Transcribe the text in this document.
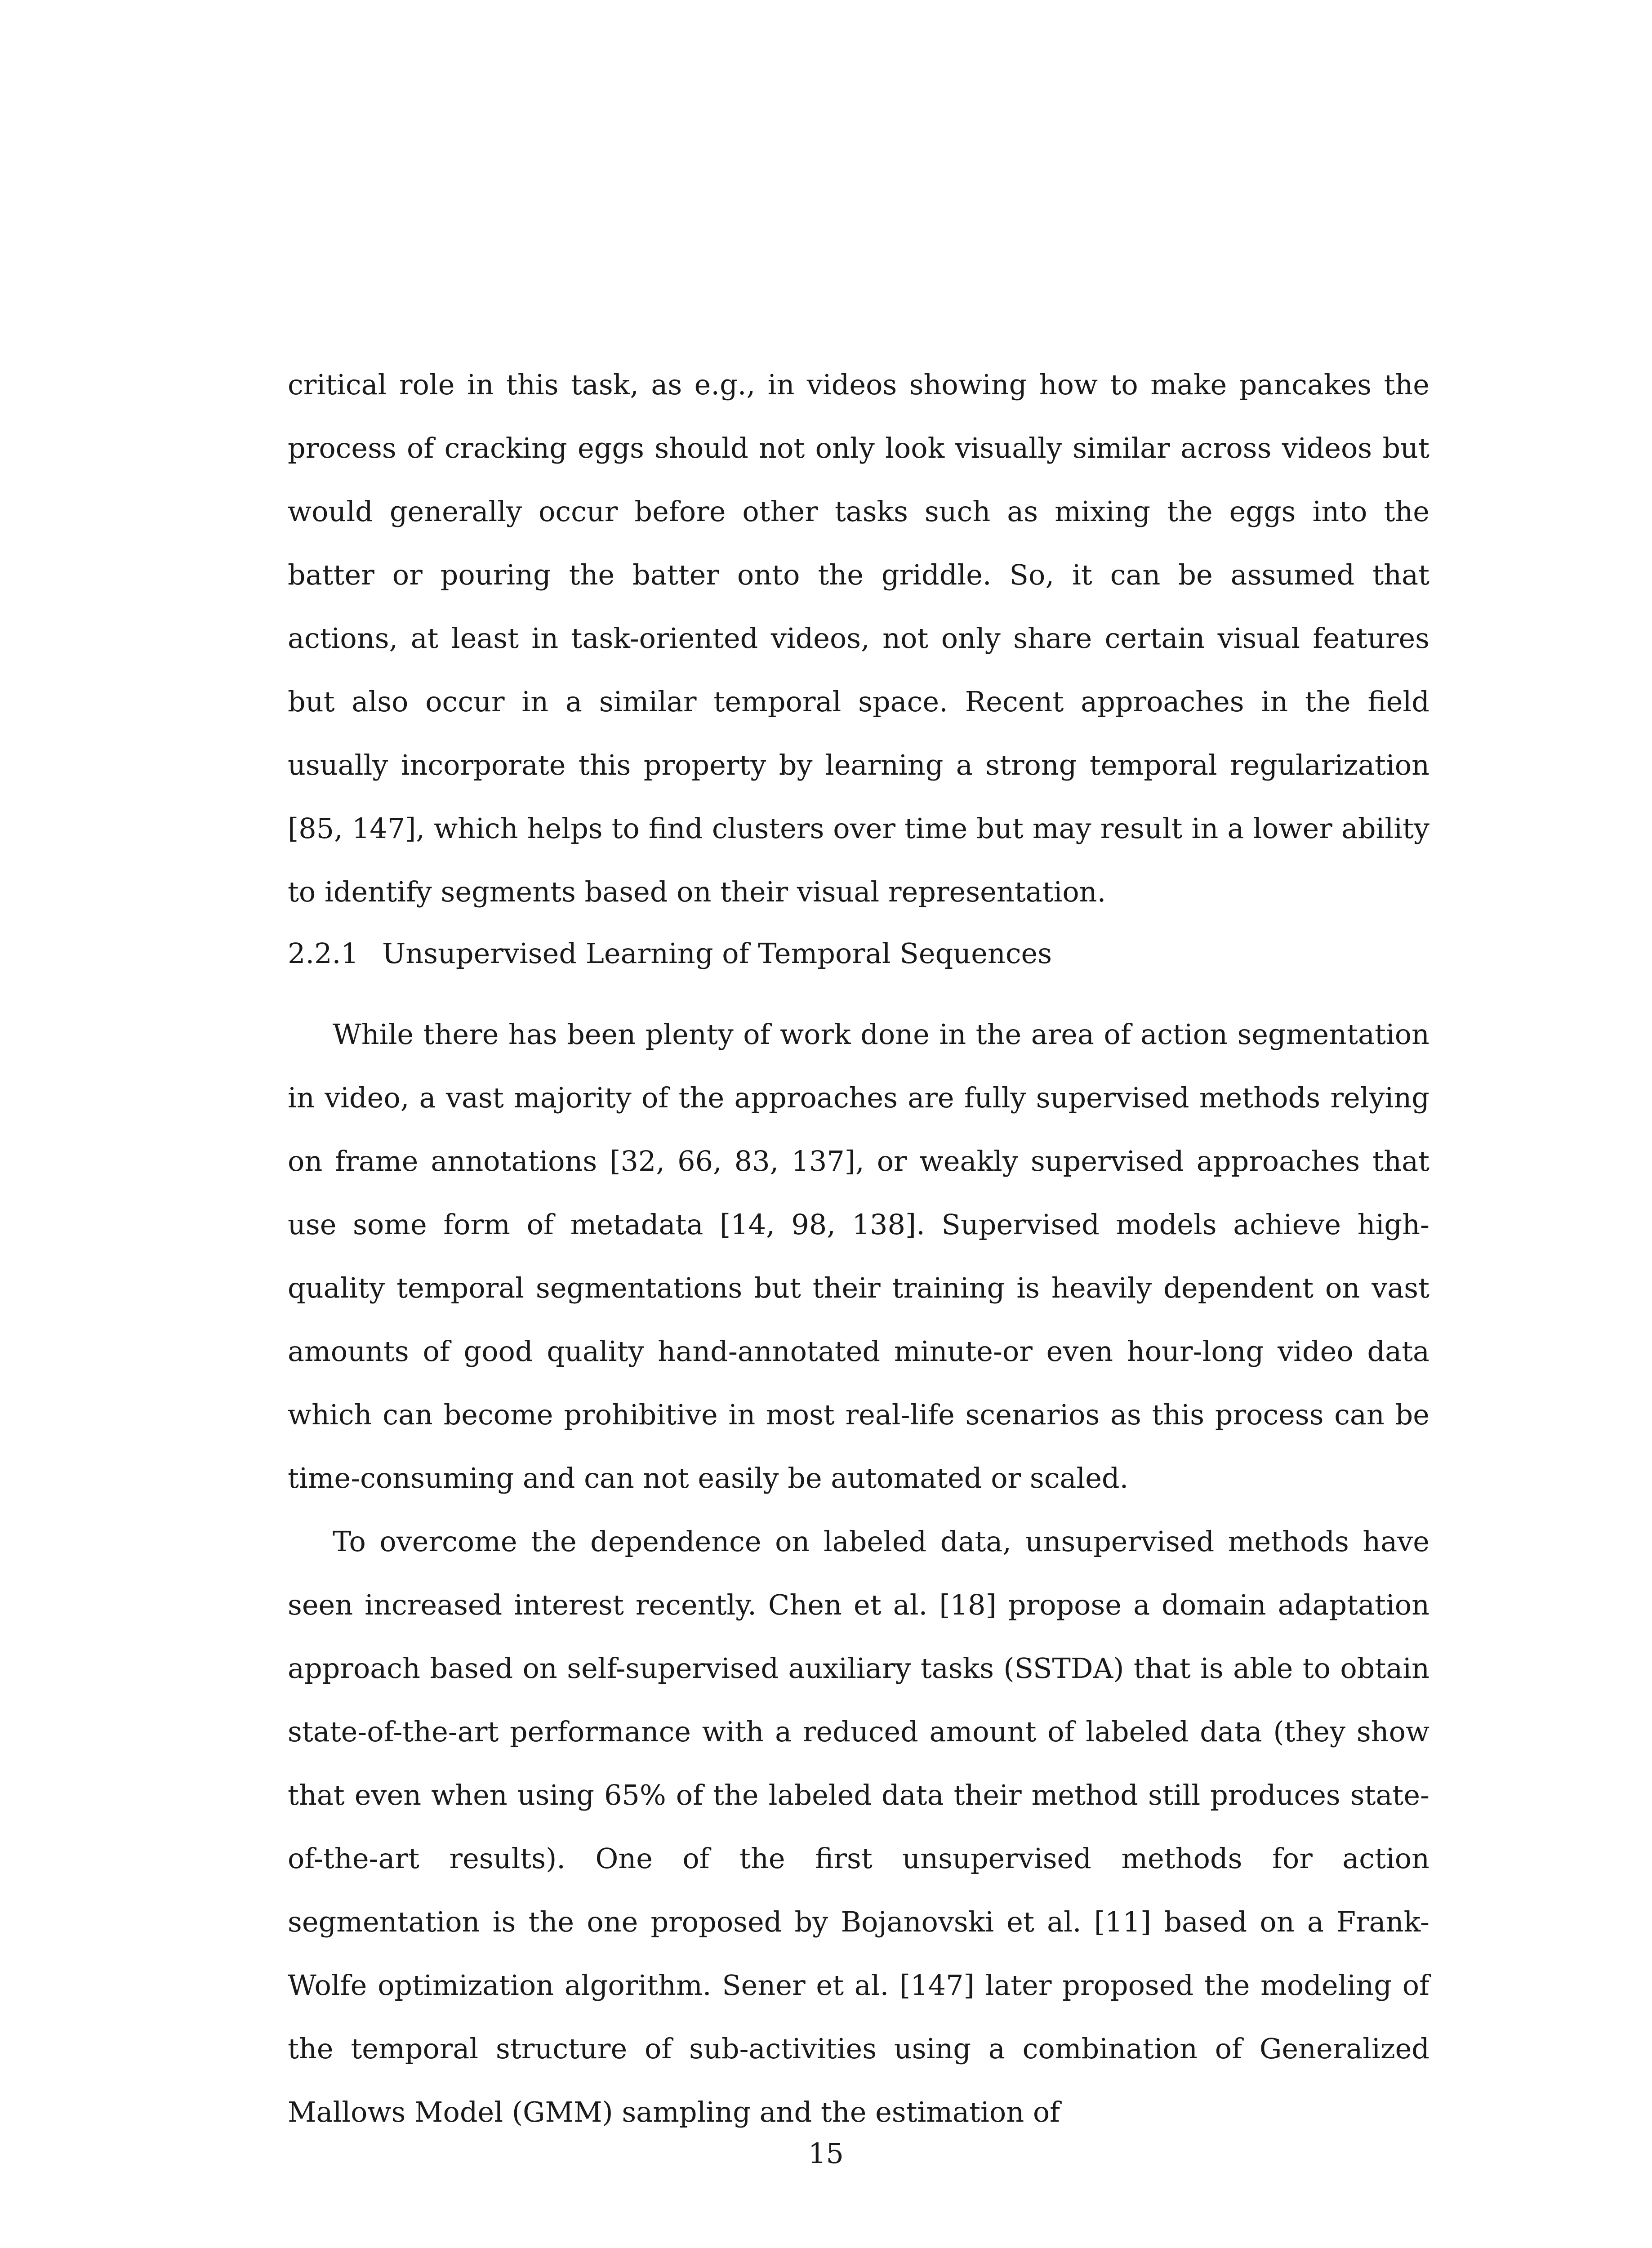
critical role in this task, as e.g., in videos showing how to make pancakes the process of cracking eggs should not only look visually similar across videos but would generally occur before other tasks such as mixing the eggs into the batter or pouring the batter onto the griddle. So, it can be assumed that actions, at least in task-oriented videos, not only share certain visual features but also occur in a similar temporal space. Recent approaches in the field usually incorporate this property by learning a strong temporal regularization [85, 147], which helps to find clusters over time but may result in a lower ability to identify segments based on their visual representation.

2.2.1 Unsupervised Learning of Temporal Sequences

While there has been plenty of work done in the area of action segmentation in video, a vast majority of the approaches are fully supervised methods relying on frame annotations [32, 66, 83, 137], or weakly supervised approaches that use some form of metadata [14, 98, 138]. Supervised models achieve high-quality temporal segmentations but their training is heavily dependent on vast amounts of good quality hand-annotated minute-or even hour-long video data which can become prohibitive in most real-life scenarios as this process can be time-consuming and can not easily be automated or scaled.

To overcome the dependence on labeled data, unsupervised methods have seen increased interest recently. Chen et al. [18] propose a domain adaptation approach based on self-supervised auxiliary tasks (SSTDA) that is able to obtain state-of-the-art performance with a reduced amount of labeled data (they show that even when using 65% of the labeled data their method still produces state-of-the-art results). One of the first unsupervised methods for action segmentation is the one proposed by Bojanovski et al. [11] based on a Frank-Wolfe optimization algorithm. Sener et al. [147] later proposed the modeling of the temporal structure of sub-activities using a combination of Generalized Mallows Model (GMM) sampling and the estimation of

15
